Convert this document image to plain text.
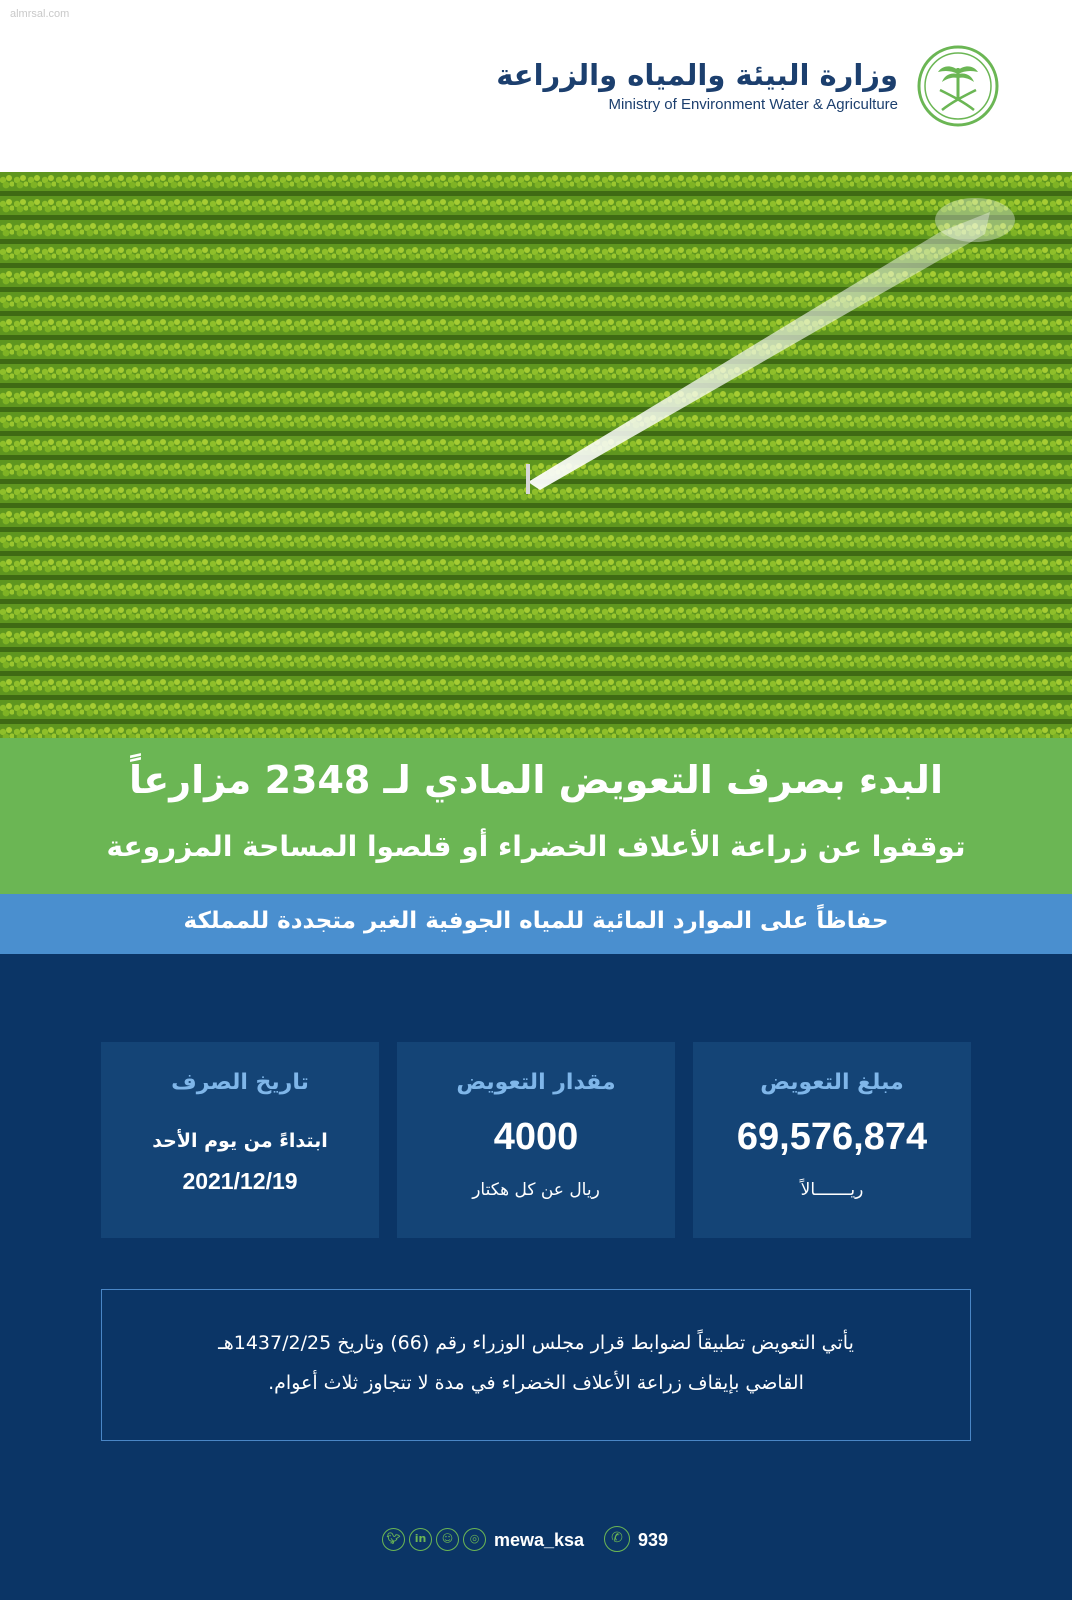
almrsal.com
وزارة البيئة والمياه والزراعة
Ministry of Environment Water & Agriculture
البدء بصرف التعويض المادي لـ 2348 مزارعاً
توقفوا عن زراعة الأعلاف الخضراء أو قلصوا المساحة المزروعة
حفاظاً على الموارد المائية للمياه الجوفية الغير متجددة للمملكة
مبلغ التعويض
69,576,874
ريـــــــالاً
مقدار التعويض
4000
ريال عن كل هكتار
تاريخ الصرف
ابتداءً من يوم الأحد
2021/12/19
يأتي التعويض تطبيقاً لضوابط قرار مجلس الوزراء رقم (66) وتاريخ 1437/2/25هـ
القاضي بإيقاف زراعة الأعلاف الخضراء في مدة لا تتجاوز ثلاث أعوام.
🐦︎	in	☺	◎ mewa_ksa	✆ 939
